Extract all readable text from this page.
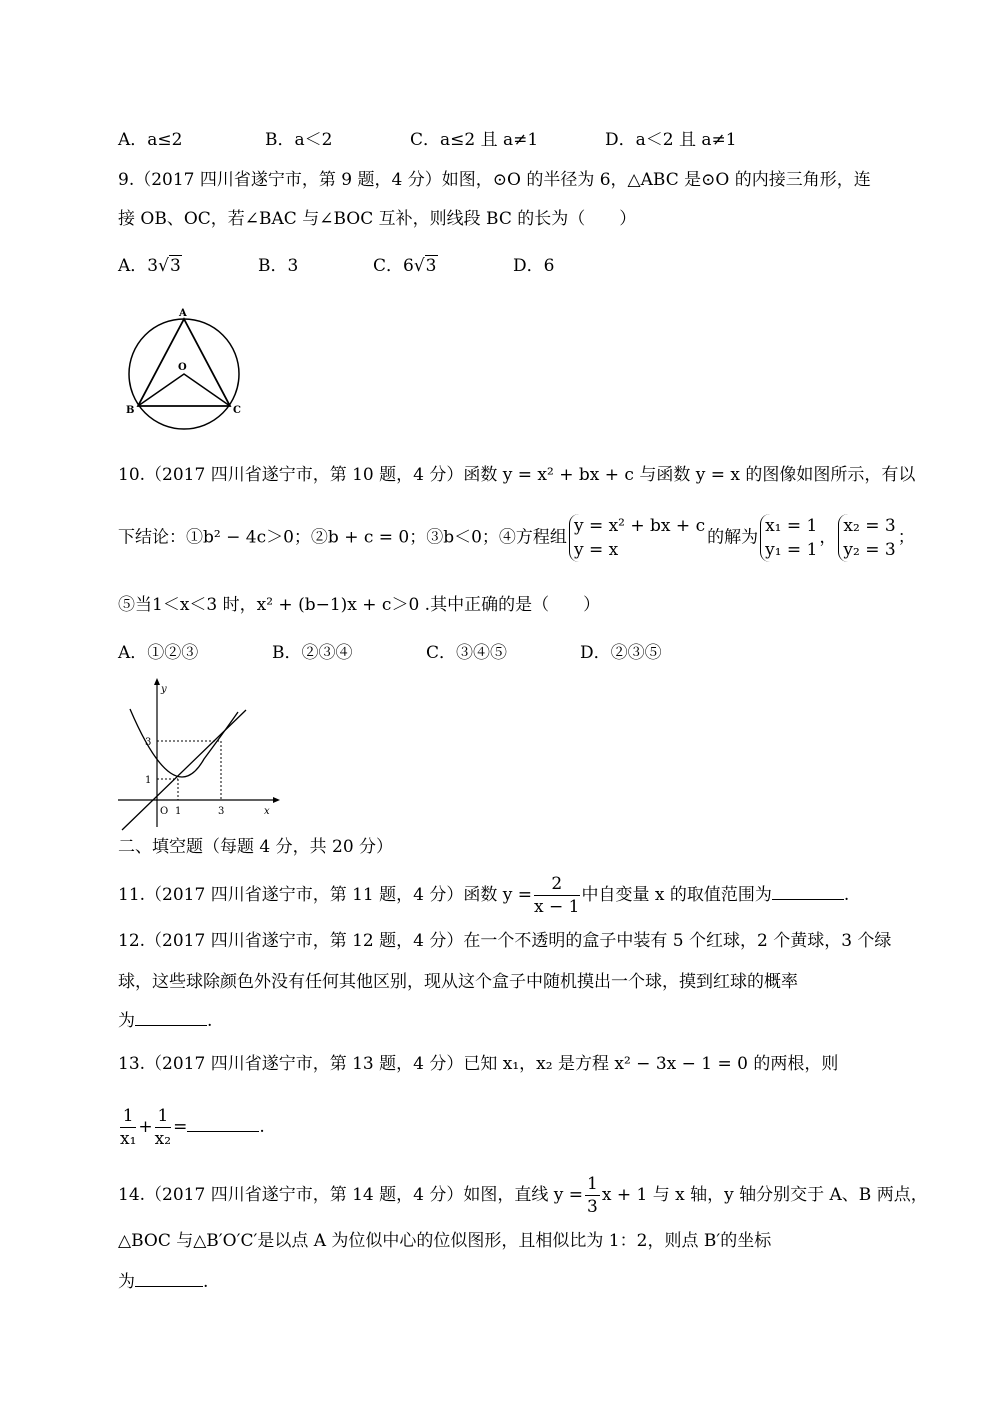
A．a≤2	B．a＜2	C．a≤2 且 a≠1	D．a＜2 且 a≠1
9.（2017 四川省遂宁市，第 9 题，4 分）如图，⊙O 的半径为 6，△ABC 是⊙O 的内接三角形，连
接 OB、OC，若∠BAC 与∠BOC 互补，则线段 BC 的长为（　　）
A．3√3	B．3	C．6√3	D．6
A
O
B	C
10.（2017 四川省遂宁市，第 10 题，4 分）函数 y = x² + bx + c 与函数 y = x 的图像如图所示，有以
下结论：①b² − 4c＞0；②b + c = 0；③b＜0；④方程组
y = x² + bx + c
y = x
的解为
x₁ = 1
y₁ = 1
，
x₂ = 3
y₂ = 3
；
⑤当1＜x＜3 时，x² + (b−1)x + c＞0 .其中正确的是（　　）
A．①②③	B．②③④	C．③④⑤	D．②③⑤
y
x
O 1	3
1
3
二、填空题（每题 4 分，共 20 分）
11.（2017 四川省遂宁市，第 11 题，4 分）函数 $y = \frac{2}{x - 1}$ 中自变量 x 的取值范围为	.
12.（2017 四川省遂宁市，第 12 题，4 分）在一个不透明的盒子中装有 5 个红球，2 个黄球，3 个绿
球，这些球除颜色外没有任何其他区别，现从这个盒子中随机摸出一个球，摸到红球的概率
为	.
13.（2017 四川省遂宁市，第 13 题，4 分）已知 x₁，x₂ 是方程 x² − 3x − 1 = 0 的两根，则
$\frac{1}{\text{x₁}} + \frac{1}{\text{x₂}}$ =	.
14.（2017 四川省遂宁市，第 14 题，4 分）如图，直线 $y = \frac{1}{3}$ x + 1 与 x 轴，y 轴分别交于 A、B 两点，
△BOC 与△B′O′C′是以点 A 为位似中心的位似图形，且相似比为 1：2，则点 B′的坐标
为	.
